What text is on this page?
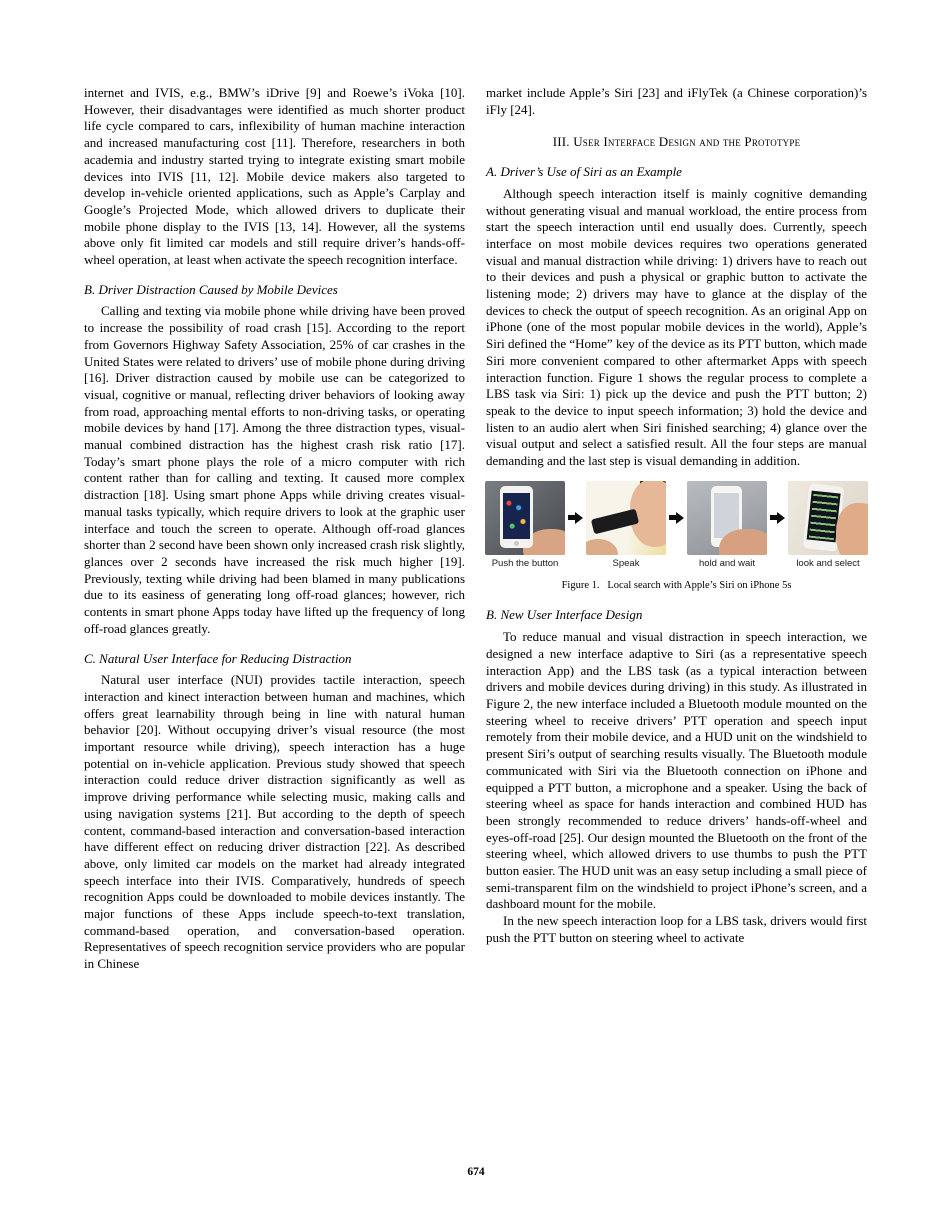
internet and IVIS, e.g., BMW’s iDrive [9] and Roewe’s iVoka [10]. However, their disadvantages were identified as much shorter product life cycle compared to cars, inflexibility of human machine interaction and increased manufacturing cost [11]. Therefore, researchers in both academia and industry started trying to integrate existing smart mobile devices into IVIS [11, 12]. Mobile device makers also targeted to develop in-vehicle oriented applications, such as Apple’s Carplay and Google’s Projected Mode, which allowed drivers to duplicate their mobile phone display to the IVIS [13, 14]. However, all the systems above only fit limited car models and still require driver’s hands-off-wheel operation, at least when activate the speech recognition interface.

B. Driver Distraction Caused by Mobile Devices

Calling and texting via mobile phone while driving have been proved to increase the possibility of road crash [15]. According to the report from Governors Highway Safety Association, 25% of car crashes in the United States were related to drivers’ use of mobile phone during driving [16]. Driver distraction caused by mobile use can be categorized to visual, cognitive or manual, reflecting driver behaviors of looking away from road, approaching mental efforts to non-driving tasks, or operating mobile devices by hand [17]. Among the three distraction types, visual-manual combined distraction has the highest crash risk ratio [17]. Today’s smart phone plays the role of a micro computer with rich content rather than for calling and texting. It caused more complex distraction [18]. Using smart phone Apps while driving creates visual-manual tasks typically, which require drivers to look at the graphic user interface and touch the screen to operate. Although off-road glances shorter than 2 second have been shown only increased crash risk slightly, glances over 2 seconds have increased the risk much higher [19]. Previously, texting while driving had been blamed in many publications due to its easiness of generating long off-road glances; however, rich contents in smart phone Apps today have lifted up the frequency of long off-road glances greatly.

C. Natural User Interface for Reducing Distraction

Natural user interface (NUI) provides tactile interaction, speech interaction and kinect interaction between human and machines, which offers great learnability through being in line with natural human behavior [20]. Without occupying driver’s visual resource (the most important resource while driving), speech interaction has a huge potential on in-vehicle application. Previous study showed that speech interaction could reduce driver distraction significantly as well as improve driving performance while selecting music, making calls and using navigation systems [21]. But according to the depth of speech content, command-based interaction and conversation-based interaction have different effect on reducing driver distraction [22]. As described above, only limited car models on the market had already integrated speech interface into their IVIS. Comparatively, hundreds of speech recognition Apps could be downloaded to mobile devices instantly. The major functions of these Apps include speech-to-text translation, command-based operation, and conversation-based operation. Representatives of speech recognition service providers who are popular in Chinese

market include Apple’s Siri [23] and iFlyTek (a Chinese corporation)’s iFly [24].

III. User Interface Design and the Prototype
A. Driver’s Use of Siri as an Example

Although speech interaction itself is mainly cognitive demanding without generating visual and manual workload, the entire process from start the speech interaction until end usually does. Currently, speech interface on most mobile devices requires two operations generated visual and manual distraction while driving: 1) drivers have to reach out to their devices and push a physical or graphic button to activate the listening mode; 2) drivers may have to glance at the display of the devices to check the output of speech recognition. As an original App on iPhone (one of the most popular mobile devices in the world), Apple’s Siri defined the “Home” key of the device as its PTT button, which made Siri more convenient compared to other aftermarket Apps with speech interaction function. Figure 1 shows the regular process to complete a LBS task via Siri: 1) pick up the device and push the PTT button; 2) speak to the device to input speech information; 3) hold the device and listen to an audio alert when Siri finished searching; 4) glance over the visual output and select a satisfied result. All the four steps are manual demanding and the last step is visual demanding in addition.

Push the button	Speak	hold and wait	look and select
Figure 1.   Local search with Apple’s Siri on iPhone 5s
B. New User Interface Design

To reduce manual and visual distraction in speech interaction, we designed a new interface adaptive to Siri (as a representative speech interaction App) and the LBS task (as a typical interaction between drivers and mobile devices during driving) in this study. As illustrated in Figure 2, the new interface included a Bluetooth module mounted on the steering wheel to receive drivers’ PTT operation and speech input remotely from their mobile device, and a HUD unit on the windshield to present Siri’s output of searching results visually. The Bluetooth module communicated with Siri via the Bluetooth connection on iPhone and equipped a PTT button, a microphone and a speaker. Using the back of steering wheel as space for hands interaction and combined HUD has been strongly recommended to reduce drivers’ hands-off-wheel and eyes-off-road [25]. Our design mounted the Bluetooth on the front of the steering wheel, which allowed drivers to use thumbs to push the PTT button easier. The HUD unit was an easy setup including a small piece of semi-transparent film on the windshield to project iPhone’s screen, and a dashboard mount for the mobile.

In the new speech interaction loop for a LBS task, drivers would first push the PTT button on steering wheel to activate

674
